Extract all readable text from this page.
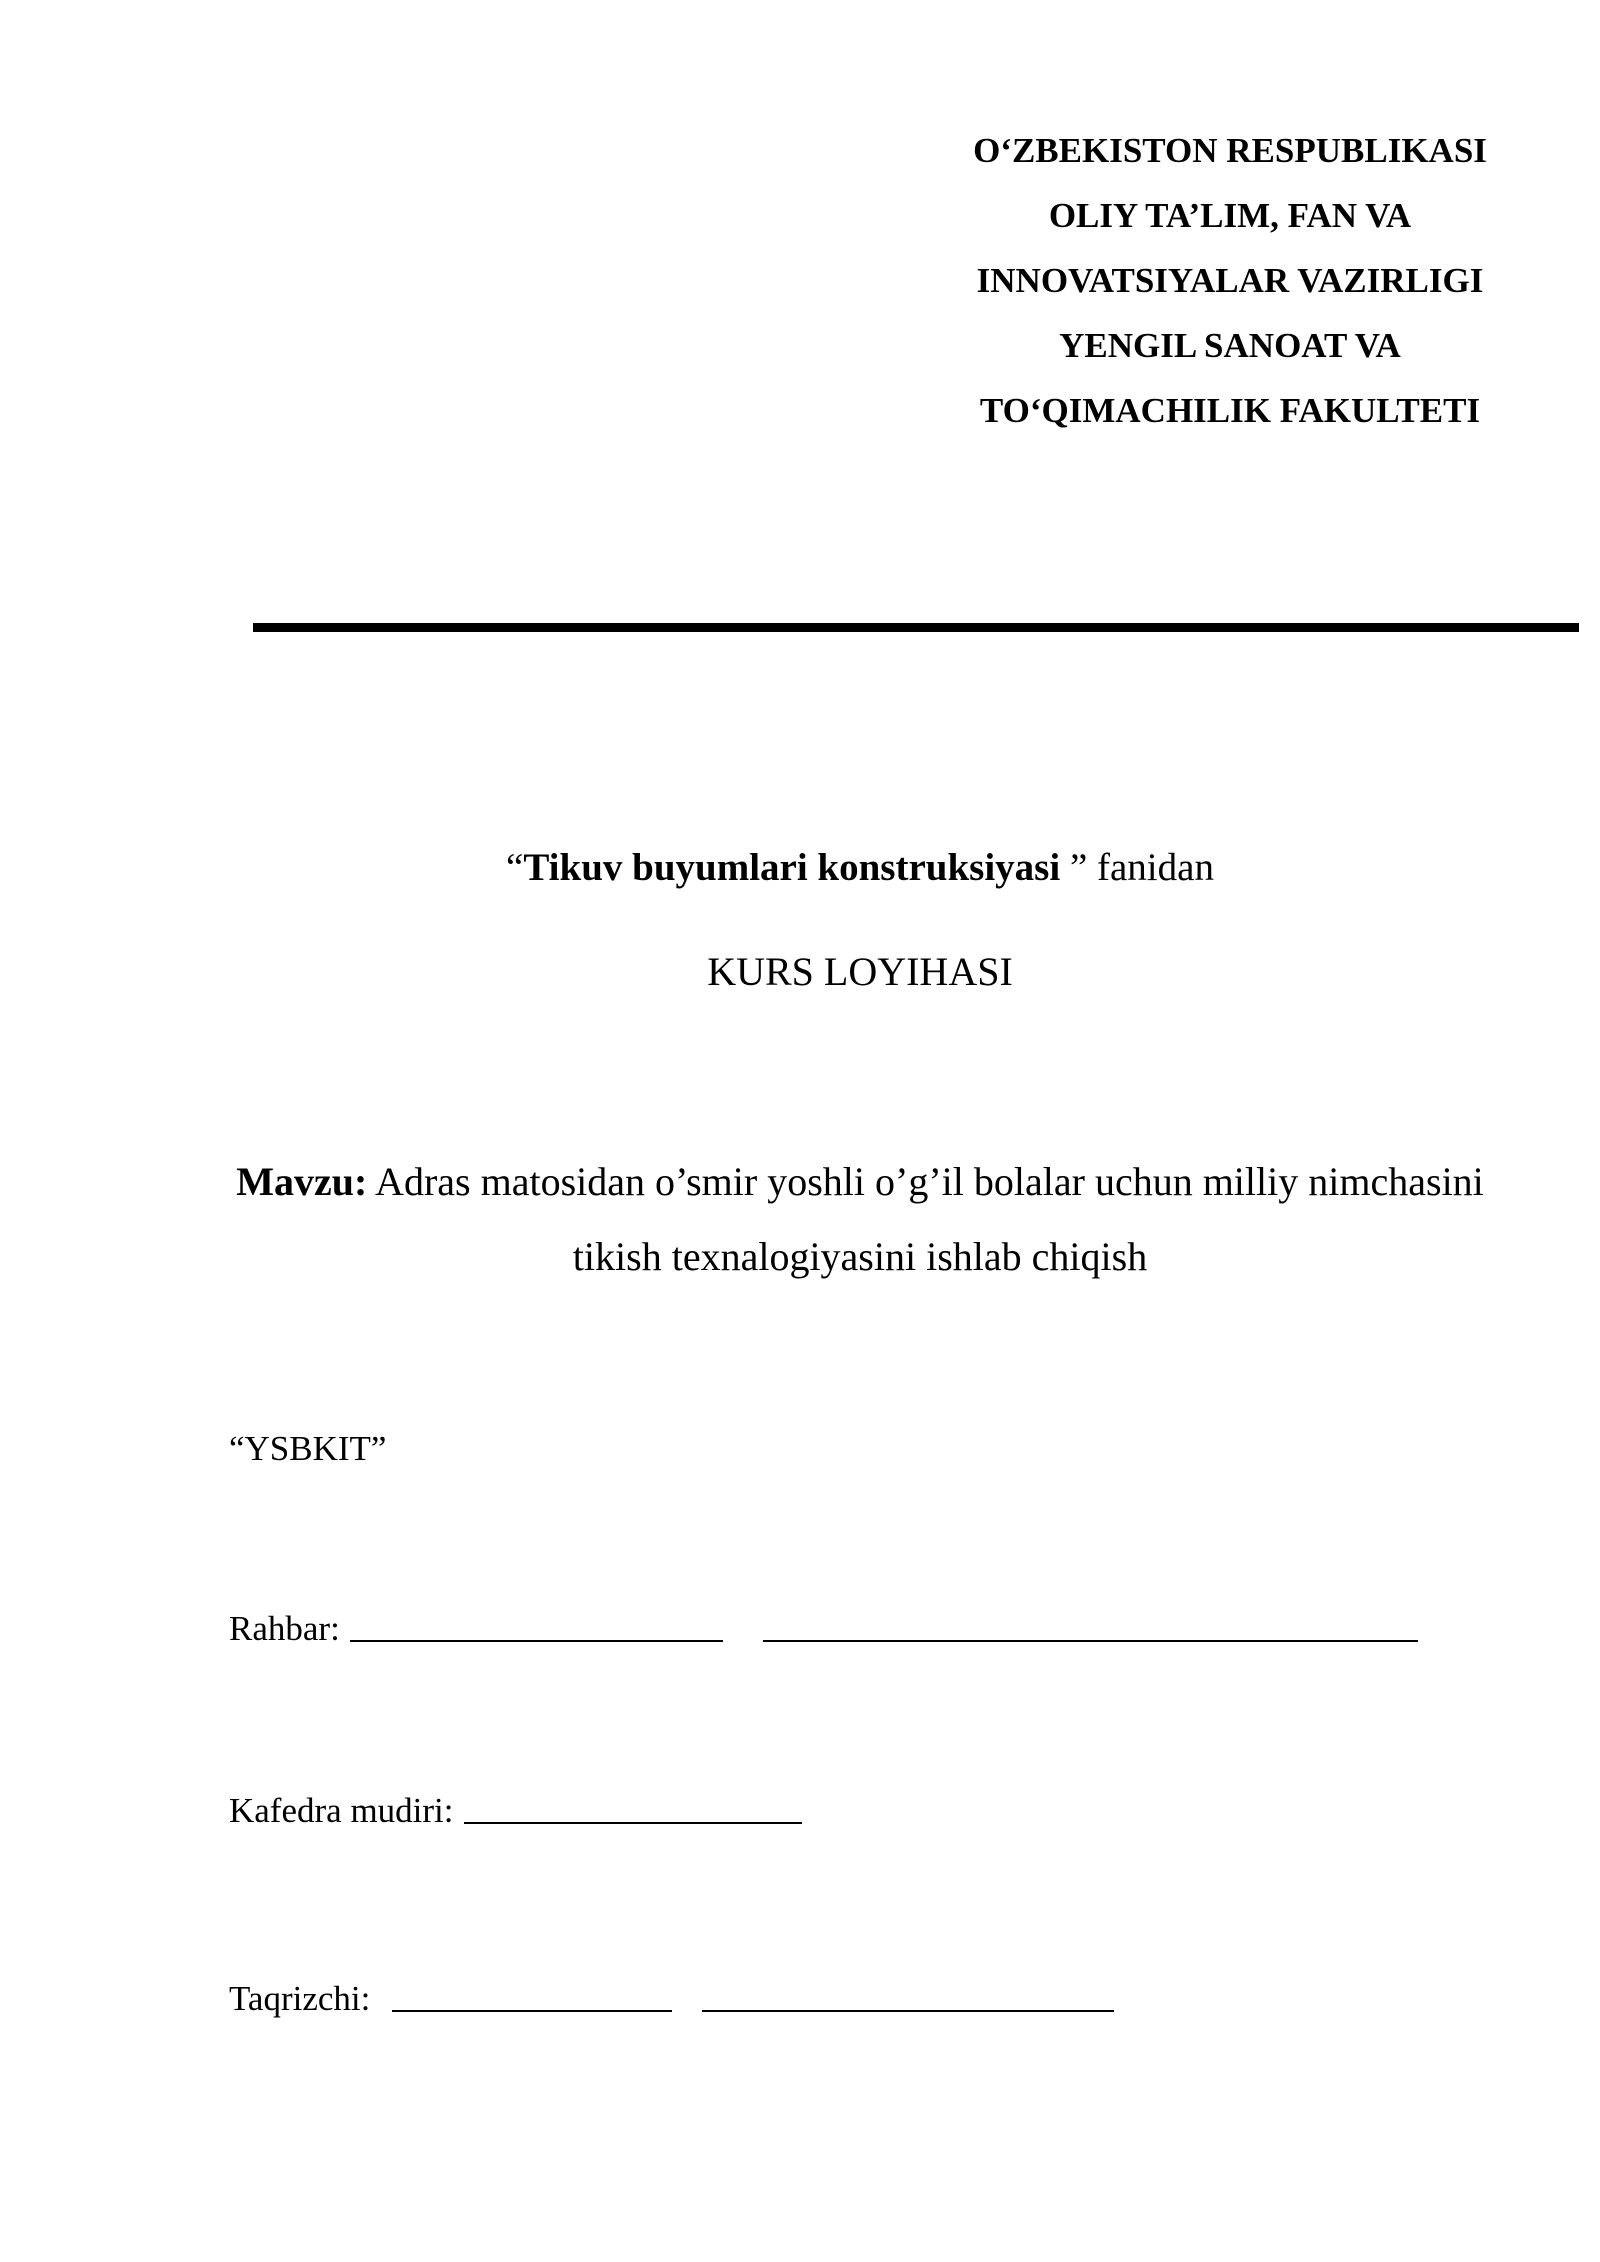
O‘ZBEKISTON RESPUBLIKASI
OLIY TA’LIM, FAN VA
INNOVATSIYALAR VAZIRLIGI
YENGIL SANOAT VA
TO‘QIMACHILIK FAKULTETI
“Tikuv buyumlari konstruksiyasi ” fanidan
KURS LOYIHASI
Mavzu: Adras matosidan o’smir yoshli o’g’il bolalar uchun milliy nimchasini tikish texnalogiyasini ishlab chiqish
“YSBKIT”
Rahbar:
Kafedra mudiri:
Taqrizchi:
